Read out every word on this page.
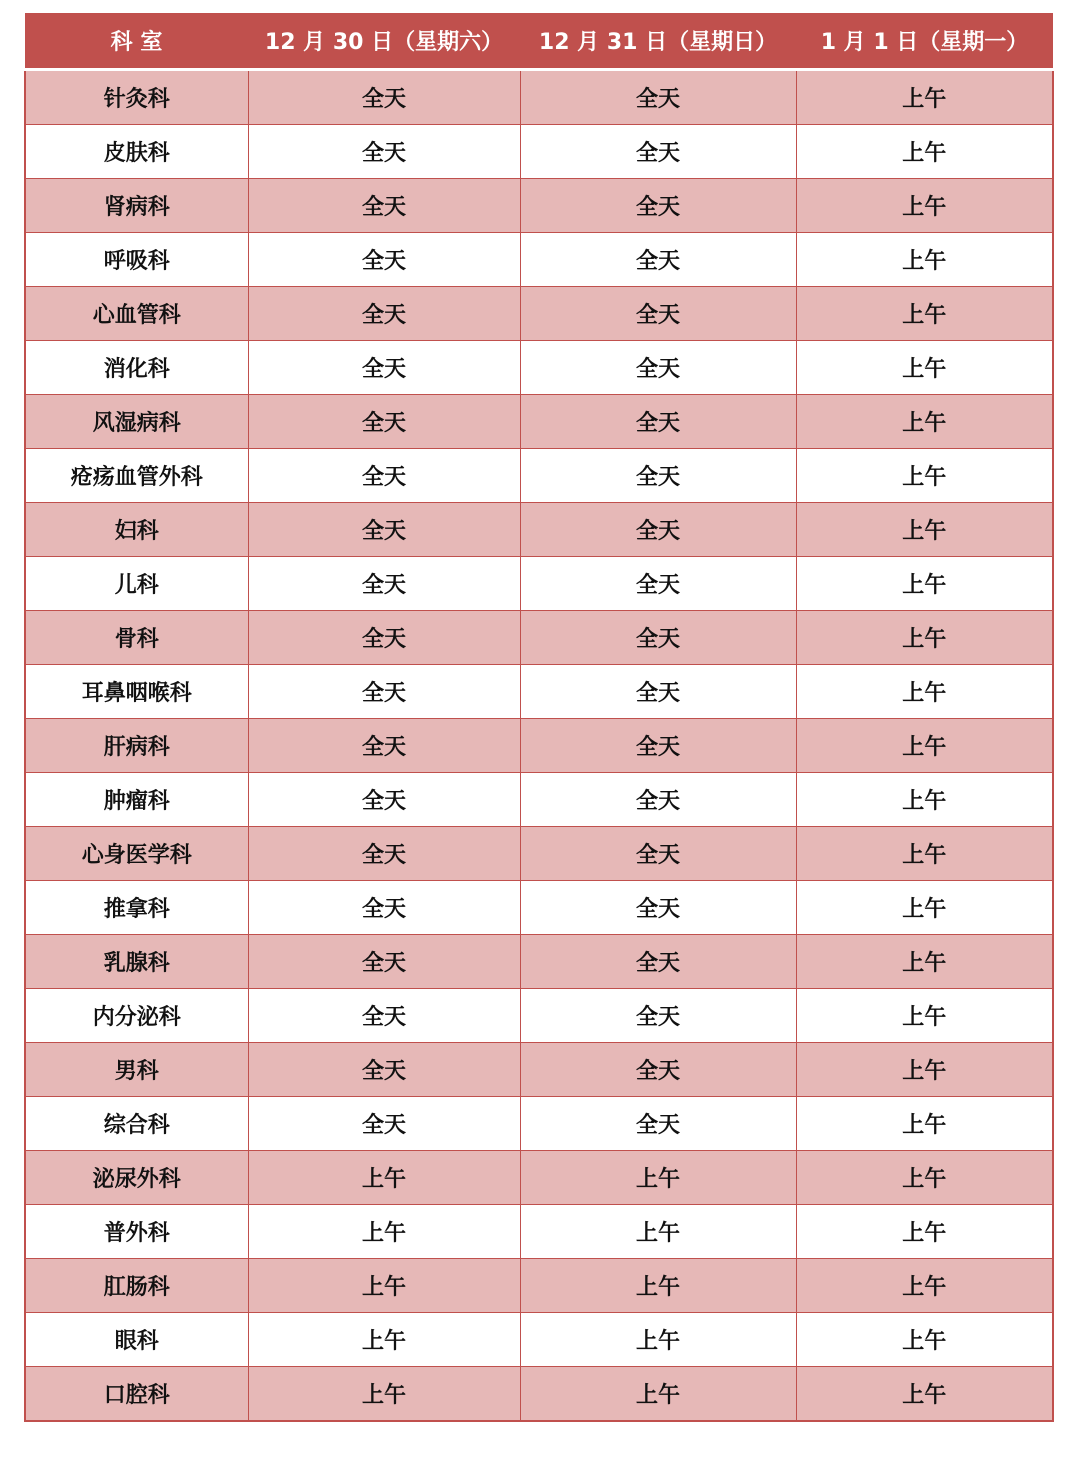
科 室	12 月 30 日（星期六）	12 月 31 日（星期日）	1 月 1 日（星期一）
针灸科	全天	全天	上午
皮肤科	全天	全天	上午
肾病科	全天	全天	上午
呼吸科	全天	全天	上午
心血管科	全天	全天	上午
消化科	全天	全天	上午
风湿病科	全天	全天	上午
疮疡血管外科	全天	全天	上午
妇科	全天	全天	上午
儿科	全天	全天	上午
骨科	全天	全天	上午
耳鼻咽喉科	全天	全天	上午
肝病科	全天	全天	上午
肿瘤科	全天	全天	上午
心身医学科	全天	全天	上午
推拿科	全天	全天	上午
乳腺科	全天	全天	上午
内分泌科	全天	全天	上午
男科	全天	全天	上午
综合科	全天	全天	上午
泌尿外科	上午	上午	上午
普外科	上午	上午	上午
肛肠科	上午	上午	上午
眼科	上午	上午	上午
口腔科	上午	上午	上午
